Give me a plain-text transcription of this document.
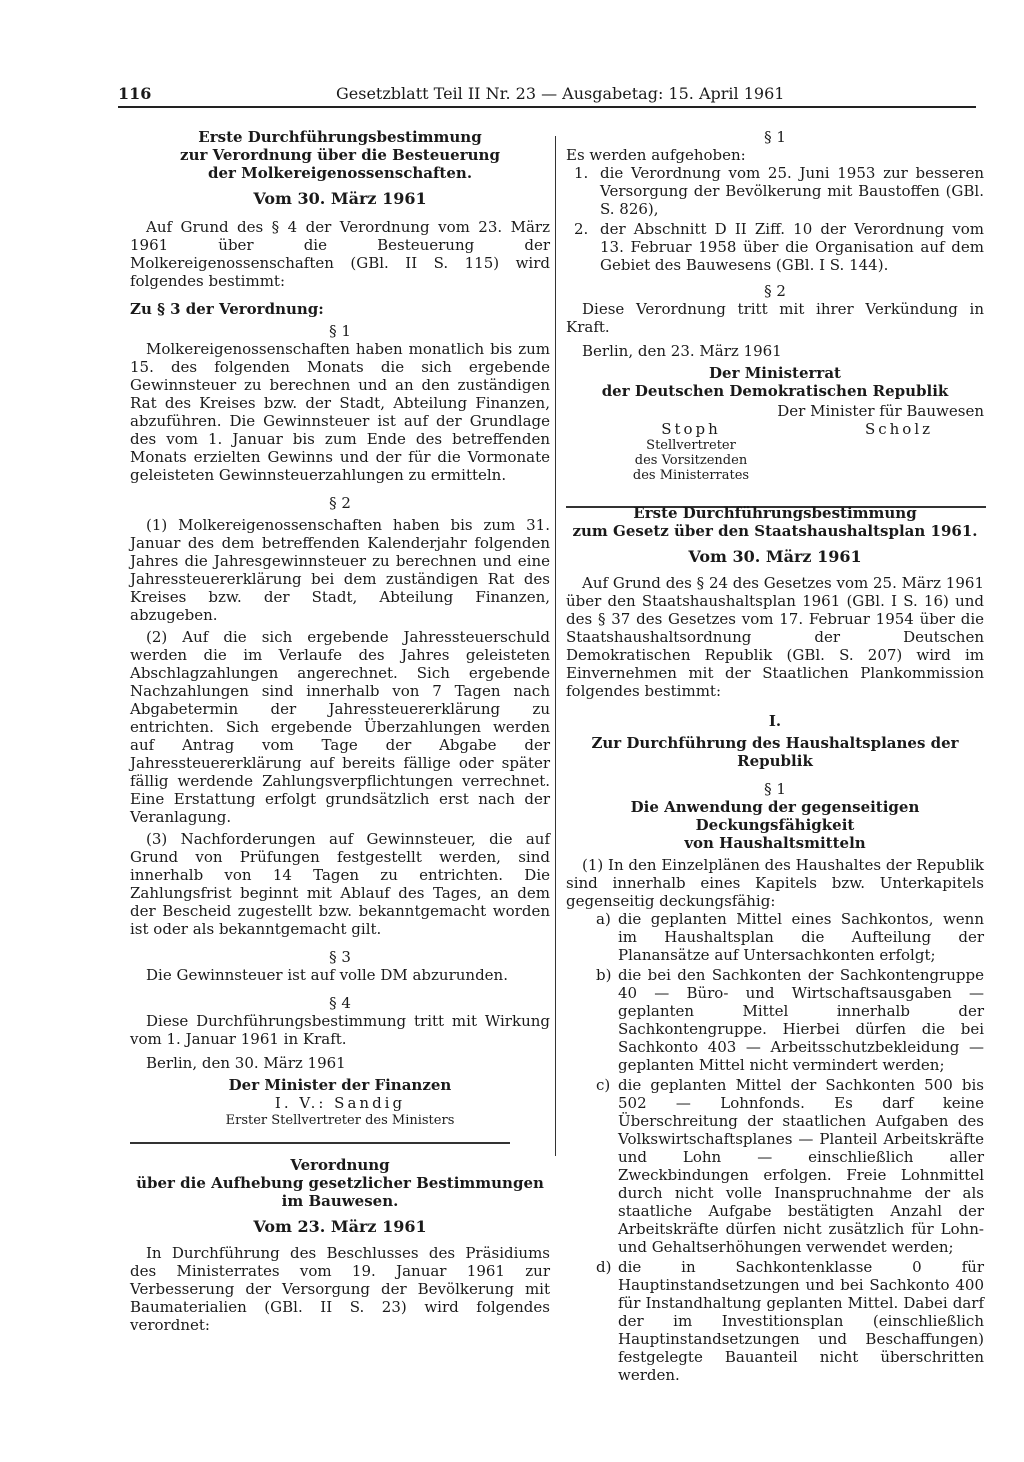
116	Gesetzblatt Teil II Nr. 23 — Ausgabetag: 15. April 1961
Erste Durchführungsbestimmung
zur Verordnung über die Besteuerung
der Molkereigenossenschaften.
Vom 30. März 1961

Auf Grund des § 4 der Verordnung vom 23. März 1961 über die Besteuerung der Molkereigenossenschaften (GBl. II S. 115) wird folgendes bestimmt:

Zu § 3 der Verordnung:
§ 1

Molkereigenossenschaften haben monatlich bis zum 15. des folgenden Monats die sich ergebende Gewinnsteuer zu berechnen und an den zuständigen Rat des Kreises bzw. der Stadt, Abteilung Finanzen, abzuführen. Die Gewinnsteuer ist auf der Grundlage des vom 1. Januar bis zum Ende des betreffenden Monats erzielten Gewinns und der für die Vormonate geleisteten Gewinnsteuerzahlungen zu ermitteln.

§ 2

(1) Molkereigenossenschaften haben bis zum 31. Januar des dem betreffenden Kalenderjahr folgenden Jahres die Jahresgewinnsteuer zu berechnen und eine Jahressteuererklärung bei dem zuständigen Rat des Kreises bzw. der Stadt, Abteilung Finanzen, abzugeben.

(2) Auf die sich ergebende Jahressteuerschuld werden die im Verlaufe des Jahres geleisteten Abschlagzahlungen angerechnet. Sich ergebende Nachzahlungen sind innerhalb von 7 Tagen nach Abgabetermin der Jahressteuererklärung zu entrichten. Sich ergebende Überzahlungen werden auf Antrag vom Tage der Abgabe der Jahressteuererklärung auf bereits fällige oder später fällig werdende Zahlungsverpflichtungen verrechnet. Eine Erstattung erfolgt grundsätzlich erst nach der Veranlagung.

(3) Nachforderungen auf Gewinnsteuer, die auf Grund von Prüfungen festgestellt werden, sind innerhalb von 14 Tagen zu entrichten. Die Zahlungsfrist beginnt mit Ablauf des Tages, an dem der Bescheid zugestellt bzw. bekanntgemacht worden ist oder als bekanntgemacht gilt.

§ 3

Die Gewinnsteuer ist auf volle DM abzurunden.

§ 4

Diese Durchführungsbestimmung tritt mit Wirkung vom 1. Januar 1961 in Kraft.

Berlin, den 30. März 1961
Der Minister der Finanzen
I. V.: Sandig
Erster Stellvertreter des Ministers
Verordnung
über die Aufhebung gesetzlicher Bestimmungen
im Bauwesen.
Vom 23. März 1961

In Durchführung des Beschlusses des Präsidiums des Ministerrates vom 19. Januar 1961 zur Verbesserung der Versorgung der Bevölkerung mit Baumaterialien (GBl. II S. 23) wird folgendes verordnet:

§ 1
Es werden aufgehoben:
1. die Verordnung vom 25. Juni 1953 zur besseren Versorgung der Bevölkerung mit Baustoffen (GBl. S. 826),
2. der Abschnitt D II Ziff. 10 der Verordnung vom 13. Februar 1958 über die Organisation auf dem Gebiet des Bauwesens (GBl. I S. 144).
§ 2

Diese Verordnung tritt mit ihrer Verkündung in Kraft.

Berlin, den 23. März 1961
Der Ministerrat
der Deutschen Demokratischen Republik
Der Minister für Bauwesen
Stoph
Stellvertreter
des Vorsitzenden
des Ministerrates
Scholz
Erste Durchführungsbestimmung
zum Gesetz über den Staatshaushaltsplan 1961.
Vom 30. März 1961

Auf Grund des § 24 des Gesetzes vom 25. März 1961 über den Staatshaushaltsplan 1961 (GBl. I S. 16) und des § 37 des Gesetzes vom 17. Februar 1954 über die Staatshaushaltsordnung der Deutschen Demokratischen Republik (GBl. S. 207) wird im Einvernehmen mit der Staatlichen Plankommission folgendes bestimmt:

I.
Zur Durchführung des Haushaltsplanes der Republik
§ 1
Die Anwendung der gegenseitigen Deckungsfähigkeit
von Haushaltsmitteln

(1) In den Einzelplänen des Haushaltes der Republik sind innerhalb eines Kapitels bzw. Unterkapitels gegenseitig deckungsfähig:

a) die geplanten Mittel eines Sachkontos, wenn im Haushaltsplan die Aufteilung der Planansätze auf Untersachkonten erfolgt;
b) die bei den Sachkonten der Sachkontengruppe 40 — Büro- und Wirtschaftsausgaben — geplanten Mittel innerhalb der Sachkontengruppe. Hierbei dürfen die bei Sachkonto 403 — Arbeitsschutzbekleidung — geplanten Mittel nicht vermindert werden;
c) die geplanten Mittel der Sachkonten 500 bis 502 — Lohnfonds. Es darf keine Überschreitung der staatlichen Aufgaben des Volkswirtschaftsplanes — Planteil Arbeitskräfte und Lohn — einschließlich aller Zweckbindungen erfolgen. Freie Lohnmittel durch nicht volle Inanspruchnahme der als staatliche Aufgabe bestätigten Anzahl der Arbeitskräfte dürfen nicht zusätzlich für Lohn- und Gehaltserhöhungen verwendet werden;
d) die in Sachkontenklasse 0 für Hauptinstandsetzungen und bei Sachkonto 400 für Instandhaltung geplanten Mittel. Dabei darf der im Investitionsplan (einschließlich Hauptinstandsetzungen und Beschaffungen) festgelegte Bauanteil nicht überschritten werden.
